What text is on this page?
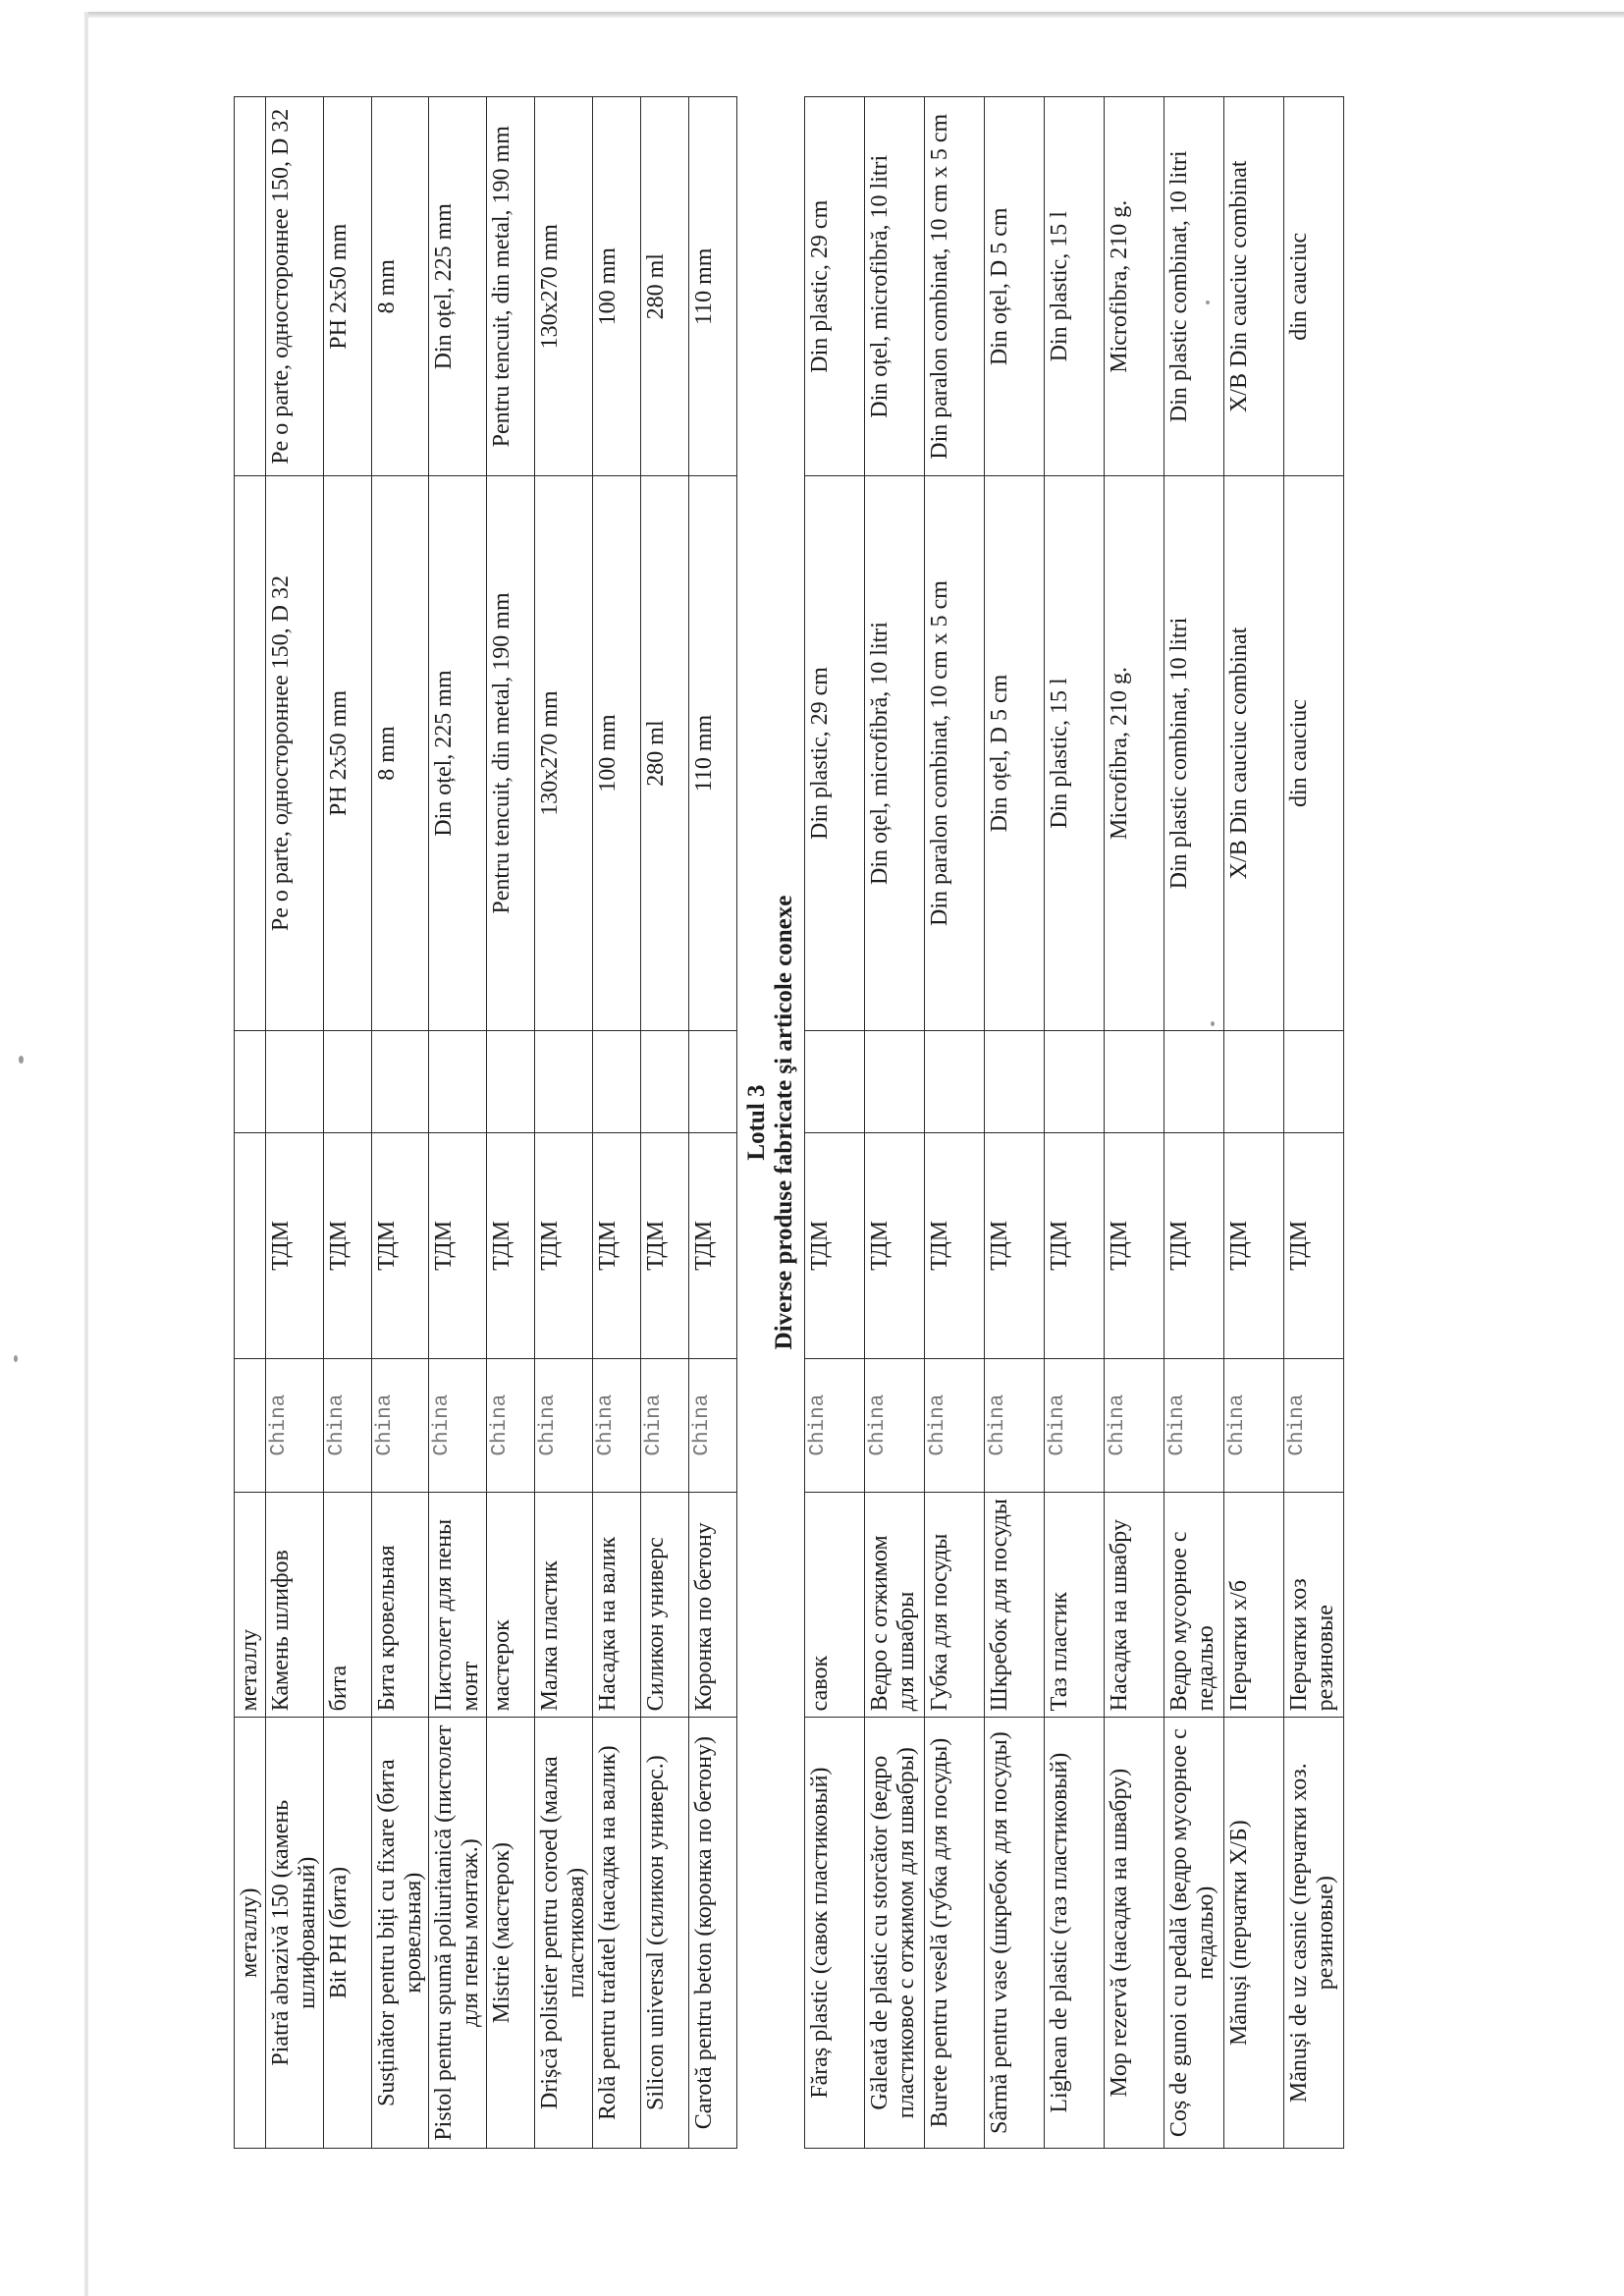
металлу)	металлу					
Piatră abrazivă 150 (камень шлифованный)	Камень шлифов	China	ТДМ		Pe o parte, одностороннее 150, D 32	Pe o parte, одностороннее 150, D 32
Bit PH (бита)	бита	China	ТДМ		PH 2x50 mm	PH 2x50 mm
Susținător pentru biți cu fixare (бита кровельная)	Бита кровельная	China	ТДМ		8 mm	8 mm
Pistol pentru spumă poliuritanică (пистолет для пены монтаж.)	Пистолет для пены монт	China	ТДМ		Din oțel, 225 mm	Din oțel, 225 mm
Mistrie (мастерок)	мастерок	China	ТДМ		Pentru tencuit, din metal, 190 mm	Pentru tencuit, din metal, 190 mm
Drișcă polistier pentru coroed (малка пластиковая)	Малка пластик	China	ТДМ		130x270 mm	130x270 mm
Rolă pentru trafatel (насадка на валик)	Насадка на валик	China	ТДМ		100 mm	100 mm
Silicon universal (силикон универс.)	Силикон универс	China	ТДМ		280 ml	280 ml
Carotă pentru beton (коронка по бетону)	Коронка по бетону	China	ТДМ		110 mm	110 mm

Lotul 3 Diverse produse fabricate şi articole conexe						

Făraș plastic (савок пластиковый)	савок	China	ТДМ		Din plastic, 29 cm	Din plastic, 29 cm
Găleată de plastic cu storcător (ведро пластиковое с отжимом для швабры)	Ведро с отжимом для швабры	China	ТДМ		Din oțel, microfibră, 10 litri	Din oțel, microfibră, 10 litri
Burete pentru veselă (губка для посуды)	Губка для посуды	China	ТДМ		Din paralon combinat, 10 cm x 5 cm	Din paralon combinat, 10 cm x 5 cm
Sârmă pentru vase (шкребок для посуды)	Шкребок для посуды	China	ТДМ		Din oțel, D 5 cm	Din oțel, D 5 cm
Lighean de plastic (таз пластиковый)	Таз пластик	China	ТДМ		Din plastic, 15 l	Din plastic, 15 l
Mop rezervă (насадка на швабру)	Насадка на швабру	China	ТДМ		Microfibra, 210 g.	Microfibra, 210 g.
Coș de gunoi cu pedală (ведро мусорное с педалью)	Ведро мусорное с педалью	China	ТДМ		Din plastic combinat, 10 litri	Din plastic combinat, 10 litri
Mănuși (перчатки X/Б)	Перчатки х/б	China	ТДМ		X/B Din cauciuc combinat	X/B Din cauciuc combinat
Mănuși de uz casnic (перчатки хоз. резиновые)	Перчатки хоз резиновые	China	ТДМ		din cauciuc	din cauciuc
